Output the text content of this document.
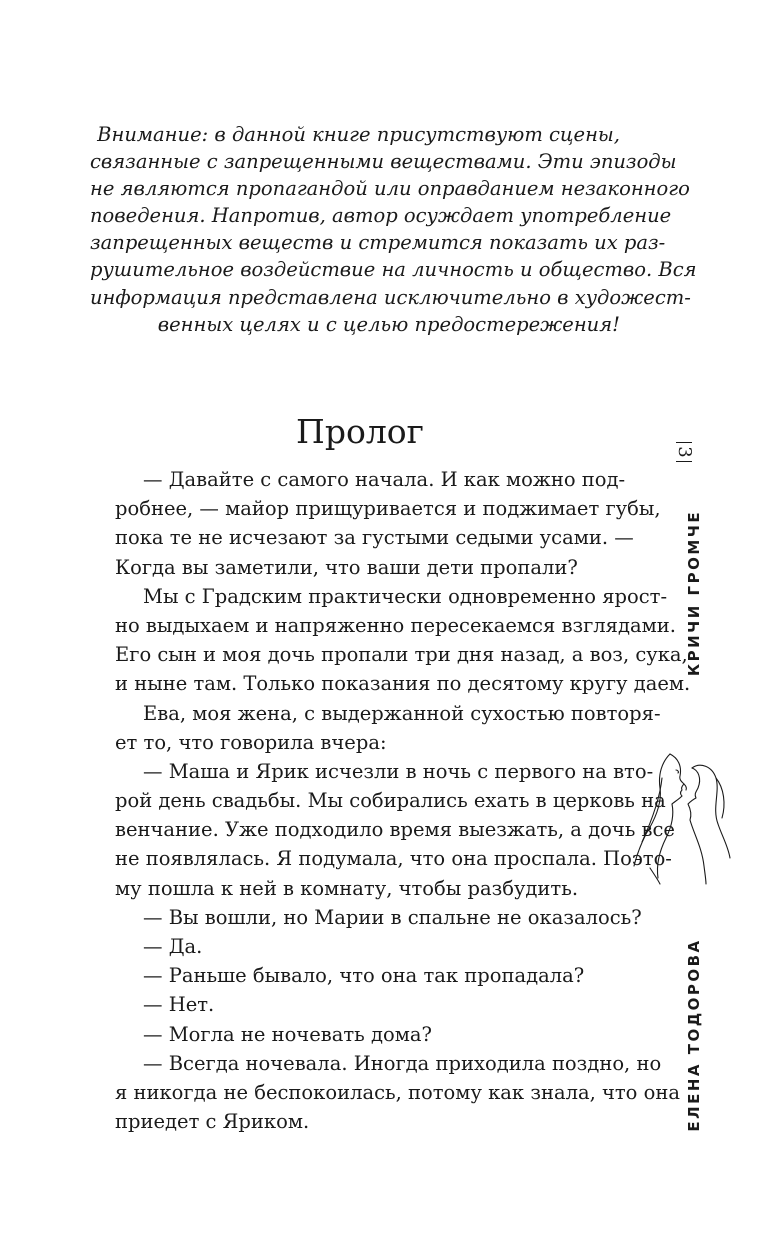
Внимание: в данной книге присутствуют сцены,
связанные с запрещенными веществами. Эти эпизоды
не являются пропагандой или оправданием незаконного
поведения. Напротив, автор осуждает употребление
запрещенных веществ и стремится показать их раз-
рушительное воздействие на личность и общество. Вся
информация представлена исключительно в художест-
венных целях и с целью предостережения!
Пролог
— Давайте с самого начала. И как можно под-
робнее, — майор прищуривается и поджимает губы,
пока те не исчезают за густыми седыми усами. —
Когда вы заметили, что ваши дети пропали?
Мы с Градским практически одновременно ярост-
но выдыхаем и напряженно пересекаемся взглядами.
Его сын и моя дочь пропали три дня назад, а воз, сука,
и ныне там. Только показания по десятому кругу даем.
Ева, моя жена, с выдержанной сухостью повторя-
ет то, что говорила вчера:
— Маша и Ярик исчезли в ночь с первого на вто-
рой день свадьбы. Мы собирались ехать в церковь на
венчание. Уже подходило время выезжать, а дочь все
не появлялась. Я подумала, что она проспала. Поэто-
му пошла к ней в комнату, чтобы разбудить.
— Вы вошли, но Марии в спальне не оказалось?
— Да.
— Раньше бывало, что она так пропадала?
— Нет.
— Могла не ночевать дома?
— Всегда ночевала. Иногда приходила поздно, но
я никогда не беспокоилась, потому как знала, что она
приедет с Яриком.
3
КРИЧИ ГРОМЧЕ
ЕЛЕНА ТОДОРОВА
